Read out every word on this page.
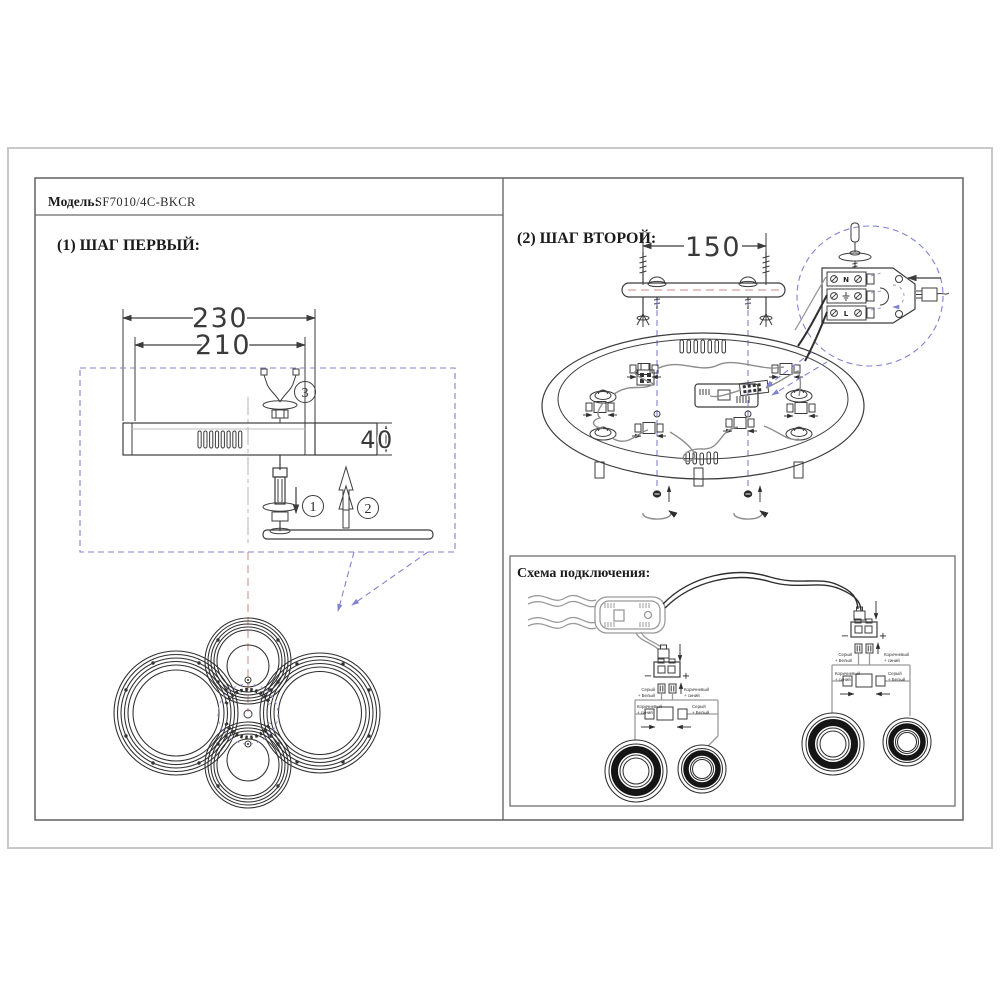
Модель:
SF7010/4C-BKCR
(1) ШАГ ПЕРВЫЙ:
230
210
40
3
1	2
(2) ШАГ ВТОРОЙ: 150
N
L
Схема подключения:
−	+
Серый
+ Белый
Коричневый
+ синий
Коричневый
+ синий
Серый
+ Белый
−	+
Серый
+ Белый
Коричневый
+ синий
Коричневый
+ синий
Серый
+ Белый
